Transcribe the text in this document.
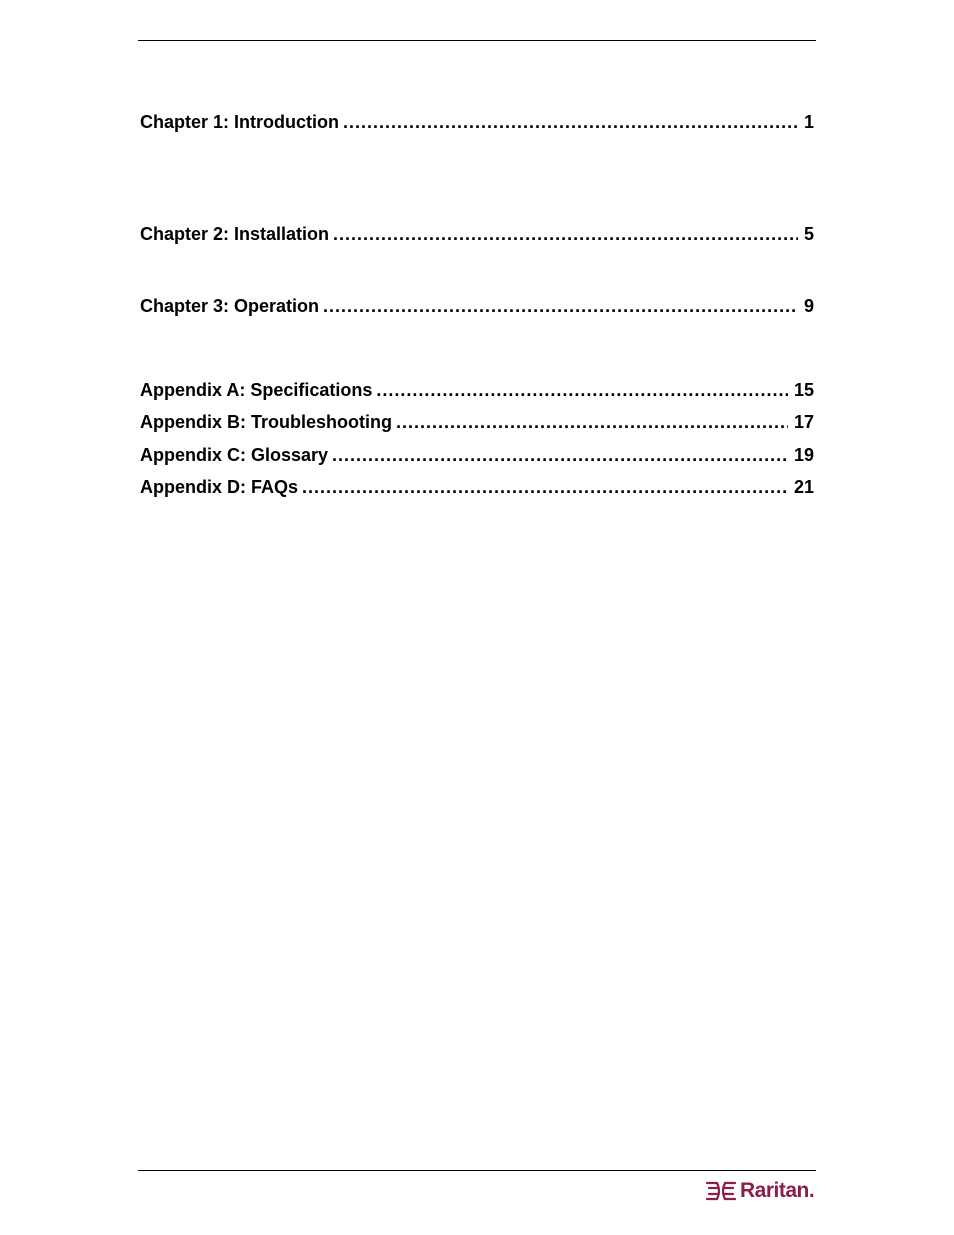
Chapter 1: Introduction .....	1
Chapter 2: Installation .....	5
Chapter 3: Operation .....	9
Appendix A: Specifications .....	15
Appendix B: Troubleshooting .....	17
Appendix C: Glossary .....	19
Appendix D: FAQs .....	21
Raritan.
